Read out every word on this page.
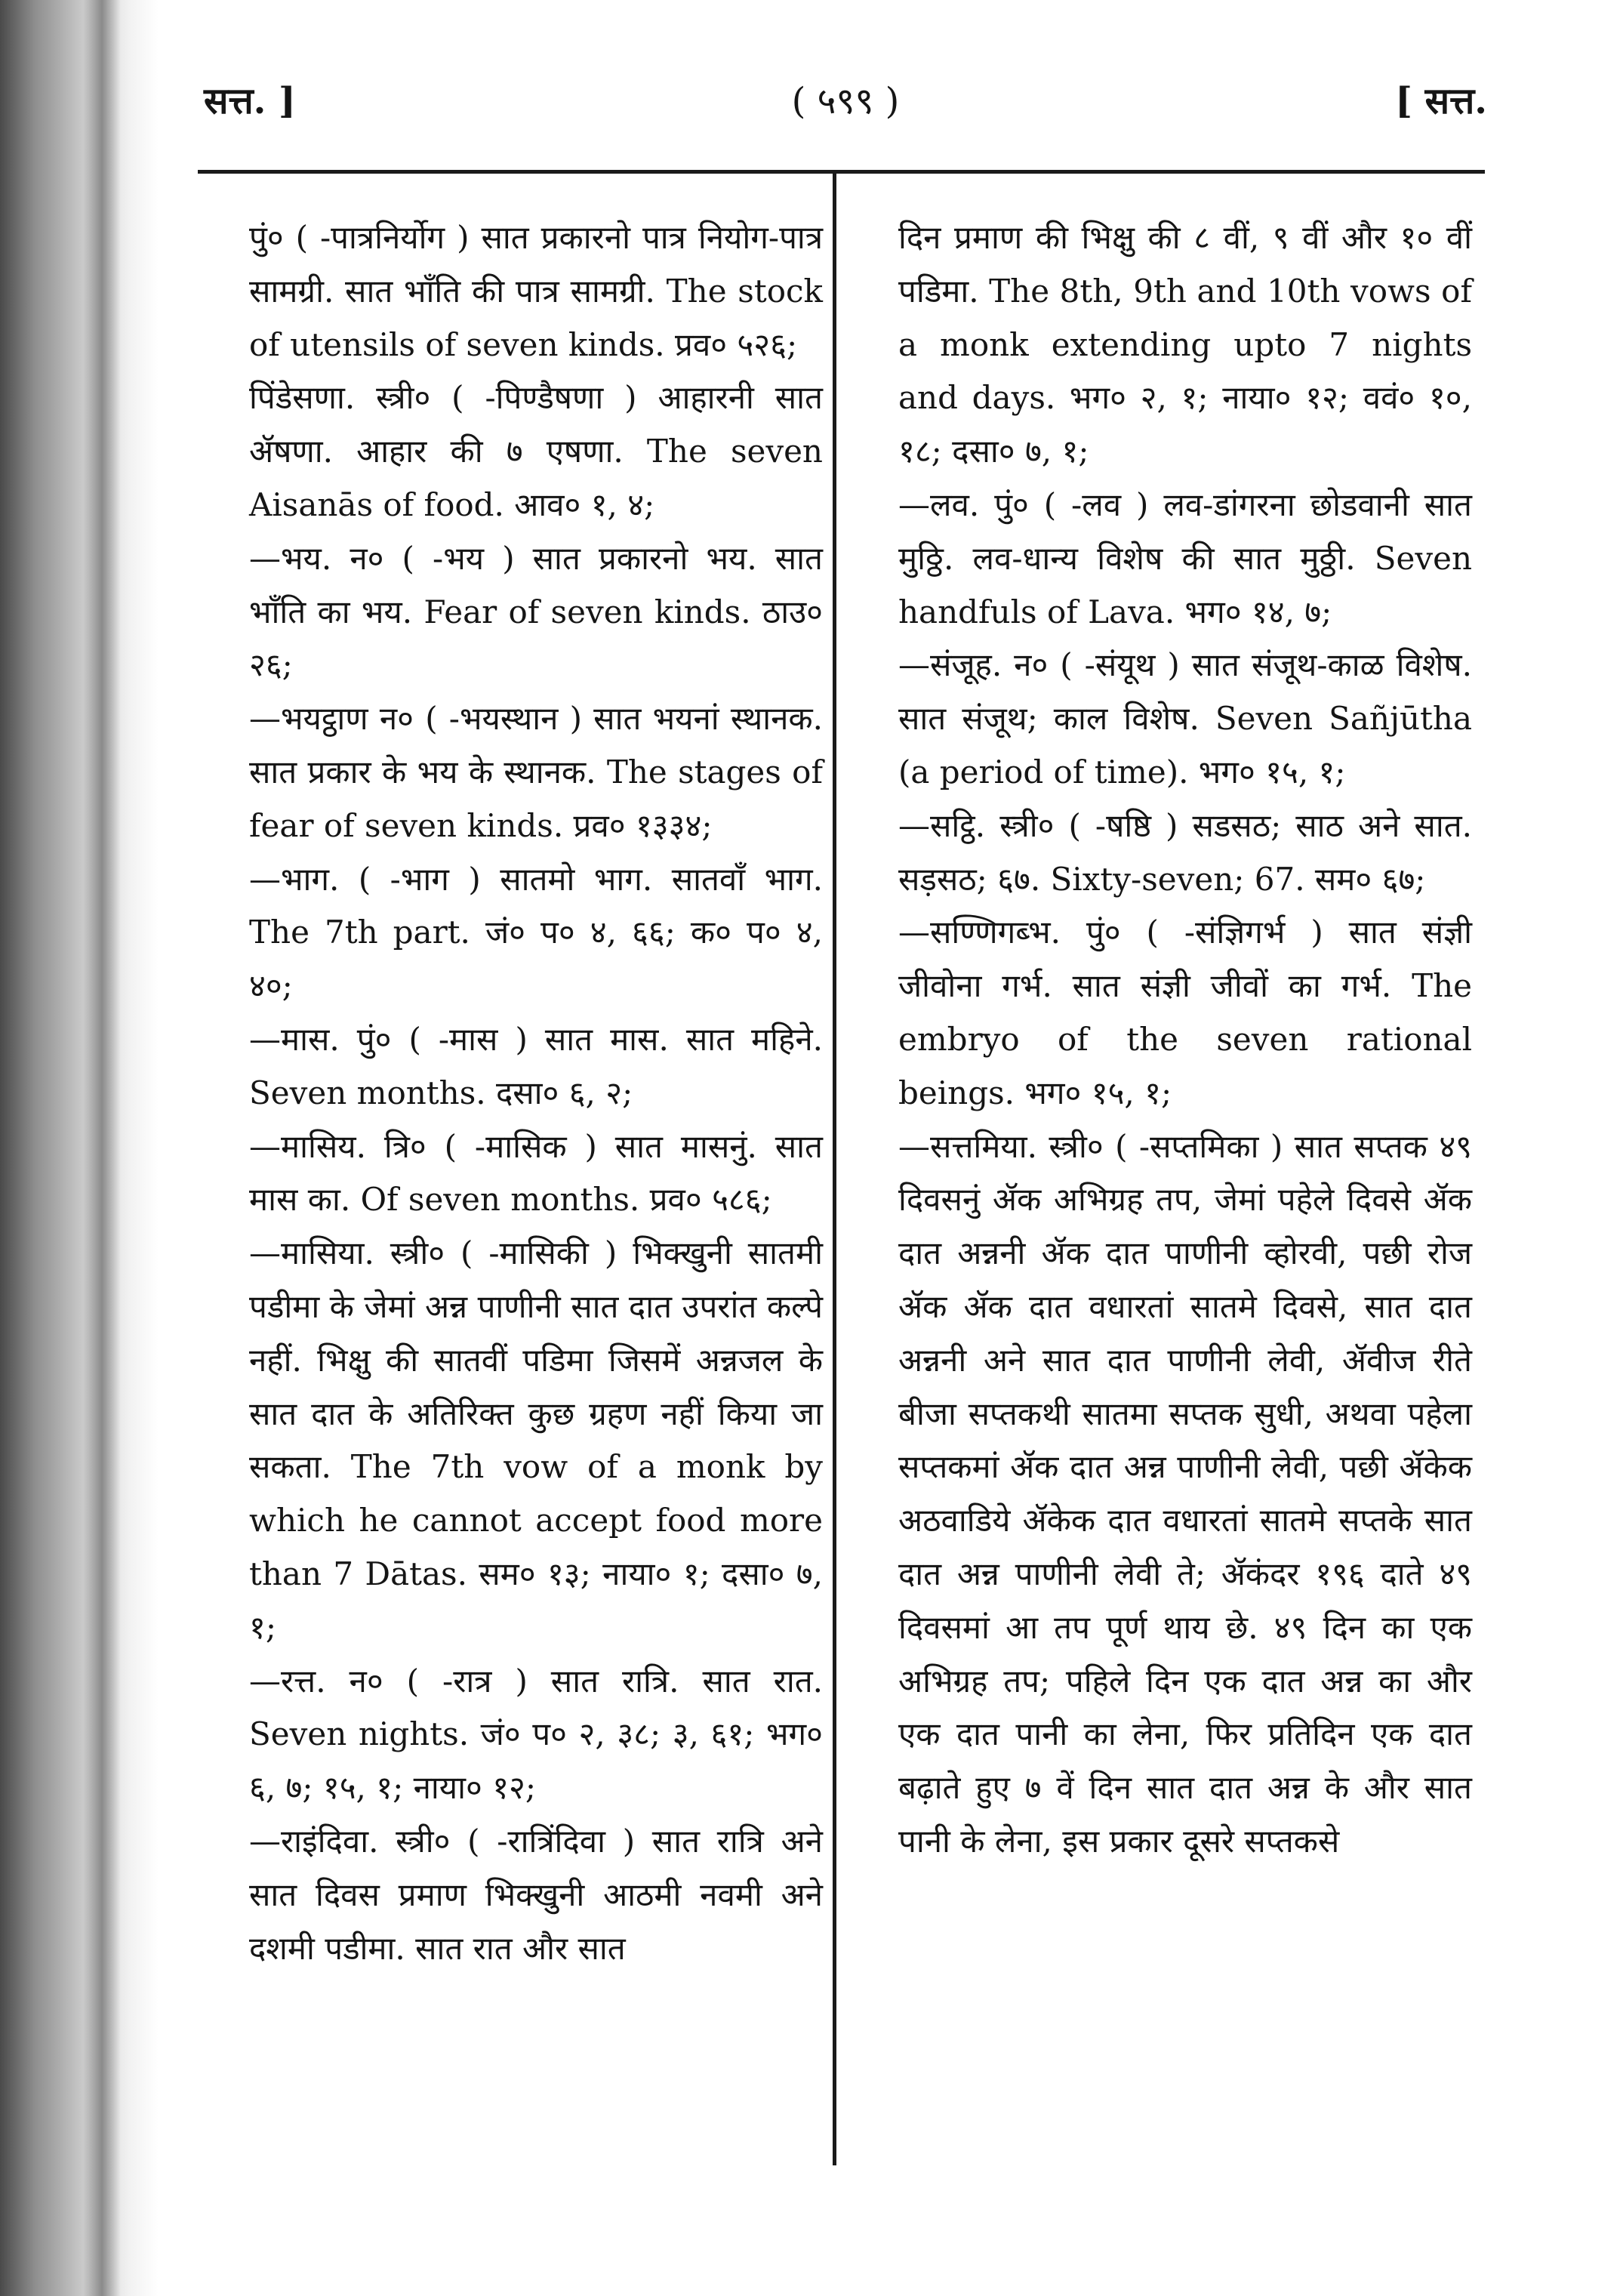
सत्त. ]	( ५९९ )	[ सत्त.

पुं० ( -पात्रनिर्योग ) सात प्रकारनो पात्र नियोग-पात्र सामग्री. सात भाँति की पात्र सामग्री. The stock of utensils of seven kinds. प्रव० ५२६;

पिंडेसणा. स्त्री० ( -पिण्डैषणा ) आहारनी सात ॲषणा. आहार की ७ एषणा. The seven Aisanās of food. आव० १, ४;

—भय. न० ( -भय ) सात प्रकारनो भय. सात भाँति का भय. Fear of seven kinds. ठाउ० २६;

—भयट्ठाण न० ( -भयस्थान ) सात भयनां स्थानक. सात प्रकार के भय के स्थानक. The stages of fear of seven kinds. प्रव० १३३४;

—भाग. ( -भाग ) सातमो भाग. सातवाँ भाग. The 7th part. जं० प० ४, ६६; क० प० ४, ४०;

—मास. पुं० ( -मास ) सात मास. सात महिने. Seven months. दसा० ६, २;

—मासिय. त्रि० ( -मासिक ) सात मासनुं. सात मास का. Of seven months. प्रव० ५८६;

—मासिया. स्त्री० ( -मासिकी ) भिक्खुनी सातमी पडीमा के जेमां अन्न पाणीनी सात दात उपरांत कल्पे नहीं. भिक्षु की सातवीं पडिमा जिसमें अन्नजल के सात दात के अतिरिक्त कुछ ग्रहण नहीं किया जा सकता. The 7th vow of a monk by which he cannot accept food more than 7 Dātas. सम० १३; नाया० १; दसा० ७, १;

—रत्त. न० ( -रात्र ) सात रात्रि. सात रात. Seven nights. जं० प० २, ३८; ३, ६१; भग० ६, ७; १५, १; नाया० १२;

—राइंदिवा. स्त्री० ( -रात्रिंदिवा ) सात रात्रि अने सात दिवस प्रमाण भिक्खुनी आठमी नवमी अने दशमी पडीमा. सात रात और सात

दिन प्रमाण की भिक्षु की ८ वीं, ९ वीं और १० वीं पडिमा. The 8th, 9th and 10th vows of a monk extending upto 7 nights and days. भग० २, १; नाया० १२; ववं० १०, १८; दसा० ७, १;

—लव. पुं० ( -लव ) लव-डांगरना छोडवानी सात मुठ्ठि. लव-धान्य विशेष की सात मुठ्ठी. Seven handfuls of Lava. भग० १४, ७;

—संजूह. न० ( -संयूथ ) सात संजूथ-काळ विशेष. सात संजूथ; काल विशेष. Seven Sañjūtha (a period of time). भग० १५, १;

—सट्ठि. स्त्री० ( -षष्ठि ) सडसठ; साठ अने सात. सड़सठ; ६७. Sixty-seven; 67. सम० ६७;

—सण्णिगब्भ. पुं० ( -संज्ञिगर्भ ) सात संज्ञी जीवोना गर्भ. सात संज्ञी जीवों का गर्भ. The embryo of the seven rational beings. भग० १५, १;

—सत्तमिया. स्त्री० ( -सप्तमिका ) सात सप्तक ४९ दिवसनुं ॲक अभिग्रह तप, जेमां पहेले दिवसे ॲक दात अन्ननी ॲक दात पाणीनी व्होरवी, पछी रोज ॲक ॲक दात वधारतां सातमे दिवसे, सात दात अन्ननी अने सात दात पाणीनी लेवी, ॲवीज रीते बीजा सप्तकथी सातमा सप्तक सुधी, अथवा पहेला सप्तकमां ॲक दात अन्न पाणीनी लेवी, पछी ॲकेक अठवाडिये ॲकेक दात वधारतां सातमे सप्तके सात दात अन्न पाणीनी लेवी ते; ॲकंदर १९६ दाते ४९ दिवसमां आ तप पूर्ण थाय छे. ४९ दिन का एक अभिग्रह तप; पहिले दिन एक दात अन्न का और एक दात पानी का लेना, फिर प्रतिदिन एक दात बढ़ाते हुए ७ वें दिन सात दात अन्न के और सात पानी के लेना, इस प्रकार दूसरे सप्तकसे
